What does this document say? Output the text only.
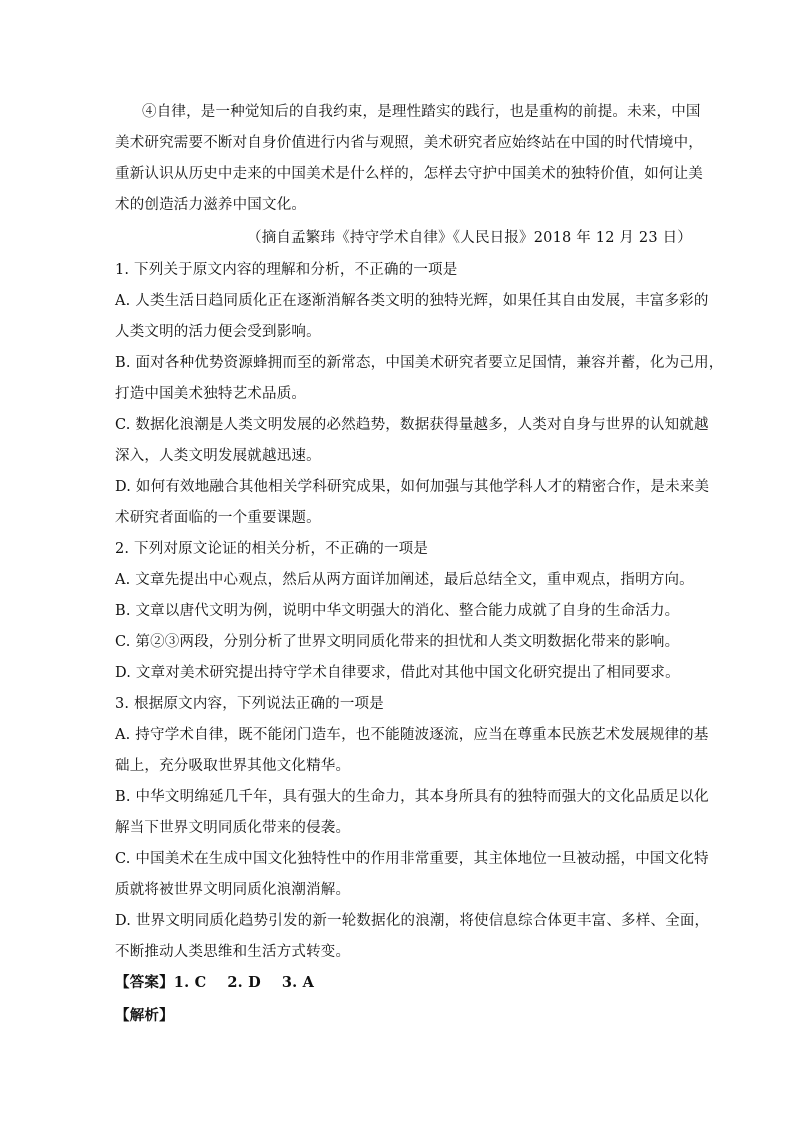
④自律，是一种觉知后的自我约束，是理性踏实的践行，也是重构的前提。未来，中国
美术研究需要不断对自身价值进行内省与观照，美术研究者应始终站在中国的时代情境中，
重新认识从历史中走来的中国美术是什么样的，怎样去守护中国美术的独特价值，如何让美
术的创造活力滋养中国文化。
（摘自孟繁玮《持守学术自律》《人民日报》2018 年 12 月 23 日）
1. 下列关于原文内容的理解和分析，不正确的一项是
A. 人类生活日趋同质化正在逐渐消解各类文明的独特光辉，如果任其自由发展，丰富多彩的
人类文明的活力便会受到影响。
B. 面对各种优势资源蜂拥而至的新常态，中国美术研究者要立足国情，兼容并蓄，化为己用，
打造中国美术独特艺术品质。
C. 数据化浪潮是人类文明发展的必然趋势，数据获得量越多，人类对自身与世界的认知就越
深入，人类文明发展就越迅速。
D. 如何有效地融合其他相关学科研究成果，如何加强与其他学科人才的精密合作，是未来美
术研究者面临的一个重要课题。
2. 下列对原文论证的相关分析，不正确的一项是
A. 文章先提出中心观点，然后从两方面详加阐述，最后总结全文，重申观点，指明方向。
B. 文章以唐代文明为例，说明中华文明强大的消化、整合能力成就了自身的生命活力。
C. 第②③两段，分别分析了世界文明同质化带来的担忧和人类文明数据化带来的影响。
D. 文章对美术研究提出持守学术自律要求，借此对其他中国文化研究提出了相同要求。
3. 根据原文内容，下列说法正确的一项是
A. 持守学术自律，既不能闭门造车，也不能随波逐流，应当在尊重本民族艺术发展规律的基
础上，充分吸取世界其他文化精华。
B. 中华文明绵延几千年，具有强大的生命力，其本身所具有的独特而强大的文化品质足以化
解当下世界文明同质化带来的侵袭。
C. 中国美术在生成中国文化独特性中的作用非常重要，其主体地位一旦被动摇，中国文化特
质就将被世界文明同质化浪潮消解。
D. 世界文明同质化趋势引发的新一轮数据化的浪潮，将使信息综合体更丰富、多样、全面，
不断推动人类思维和生活方式转变。
【答案】1. C    2. D    3. A
【解析】
